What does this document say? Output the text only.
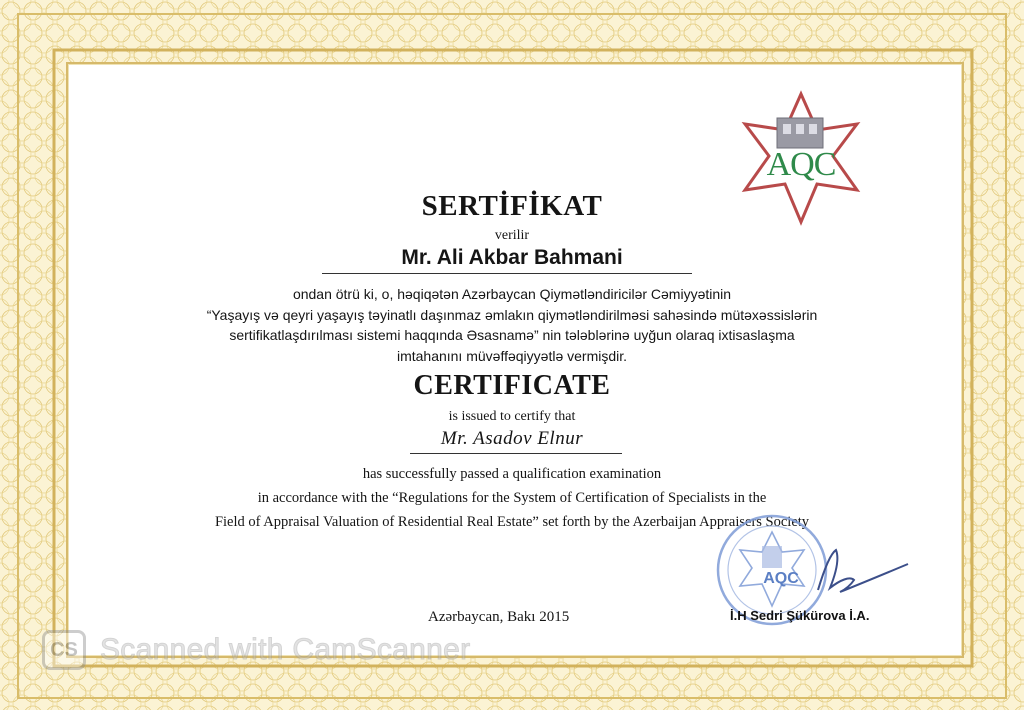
AQC
SERTİFİKAT
verilir
Mr. Ali Akbar Bahmani
ondan ötrü ki, o, həqiqətən Azərbaycan Qiymətləndiricilər Cəmiyyətinin
“Yaşayış və qeyri yaşayış təyinatlı daşınmaz əmlakın qiymətləndirilməsi sahəsində mütəxəssislərin
sertifikatlaşdırılması sistemi haqqında Əsasnamə” nin tələblərinə uyğun olaraq ixtisaslaşma
imtahanını müvəffəqiyyətlə vermişdir.
CERTIFICATE
is issued to certify that
Mr. Asadov Elnur
has successfully passed a qualification examination
in accordance with the “Regulations for the System of Certification of Specialists in the
Field of Appraisal Valuation of Residential Real Estate” set forth by the Azerbaijan Appraisers Society
AQC
İ.H Sedri Şükürova İ.A.
Azərbaycan, Bakı 2015
CS Scanned with CamScanner
